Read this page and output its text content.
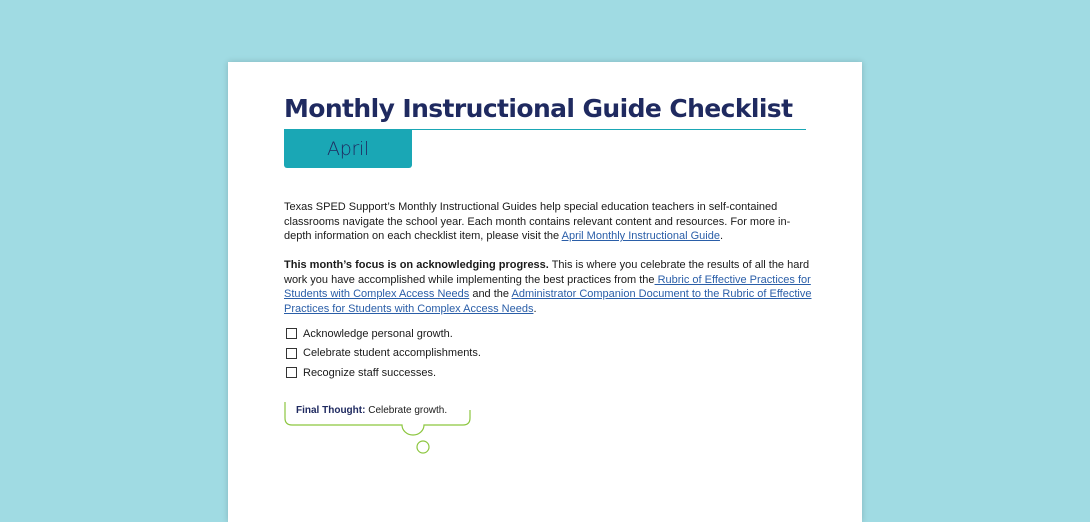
Monthly Instructional Guide Checklist
April

Texas SPED Support’s Monthly Instructional Guides help special education teachers in self-contained classrooms navigate the school year. Each month contains relevant content and resources. For more in-depth information on each checklist item, please visit the April Monthly Instructional Guide.

This month’s focus is on acknowledging progress. This is where you celebrate the results of all the hard work you have accomplished while implementing the best practices from the Rubric of Effective Practices for Students with Complex Access Needs and the Administrator Companion Document to the Rubric of Effective Practices for Students with Complex Access Needs.

Acknowledge personal growth.
Celebrate student accomplishments.
Recognize staff successes.
Final Thought: Celebrate growth.
